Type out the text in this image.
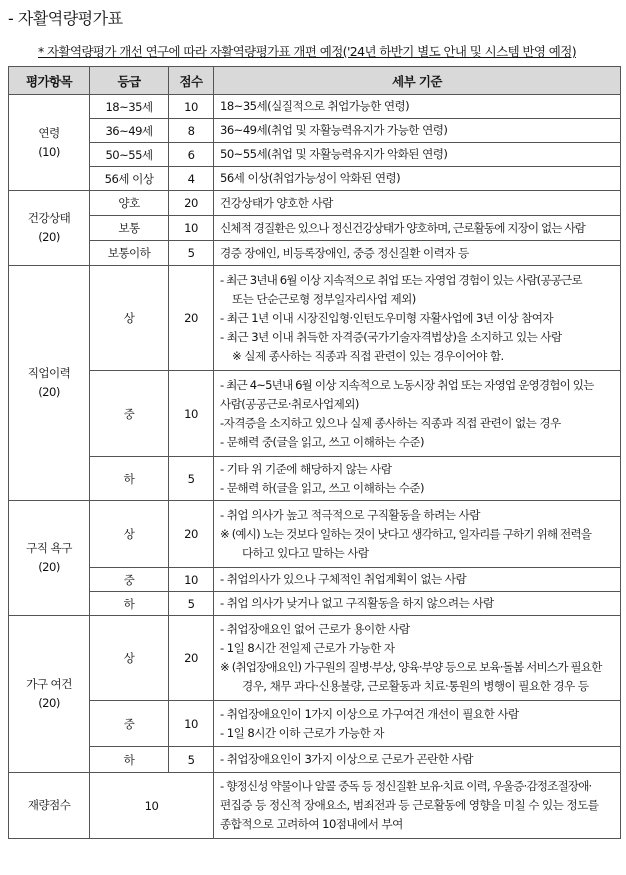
- 자활역량평가표
* 자활역량평가 개선 연구에 따라 자활역량평가표 개편 예정('24년 하반기 별도 안내 및 시스템 반영 예정)
평가항목	등급	점수	세부 기준

연령
(10)	18~35세	10	18~35세(실질적으로 취업가능한 연령)

	36~49세	8	36~49세(취업 및 자활능력유지가 가능한 연령)

	50~55세	6	50~55세(취업 및 자활능력유지가 악화된 연령)

	56세 이상	4	56세 이상(취업가능성이 악화된 연령)

건강상태
(20)	양호	20	건강상태가 양호한 사람

	보통	10	신체적 경질환은 있으나 정신건강상태가 양호하며, 근로활동에 지장이 없는 사람

	보통이하	5	경증 장애인, 비등록장애인, 중증 정신질환 이력자 등

직업이력
(20)	상	20	- 최근 3년내 6월 이상 지속적으로 취업 또는 자영업 경험이 있는 사람(공공근로
또는 단순근로형 정부일자리사업 제외)
- 최근 1년 이내 시장진입형·인턴도우미형 자활사업에 3년 이상 참여자
- 최근 3년 이내 취득한 자격증(국가기술자격법상)을 소지하고 있는 사람
※ 실제 종사하는 직종과 직접 관련이 있는 경우이어야 함.

	중	10	- 최근 4~5년내 6월 이상 지속적으로 노동시장 취업 또는 자영업 운영경험이 있는
사람(공공근로·취로사업제외)
-자격증을 소지하고 있으나 실제 종사하는 직종과 직접 관련이 없는 경우
- 문해력 중(글을 읽고, 쓰고 이해하는 수준)

	하	5	- 기타 위 기준에 해당하지 않는 사람
- 문해력 하(글을 읽고, 쓰고 이해하는 수준)

구직 욕구
(20)	상	20	- 취업 의사가 높고 적극적으로 구직활동을 하려는 사람
※ (예시) 노는 것보다 일하는 것이 낫다고 생각하고, 일자리를 구하기 위해 전력을
다하고 있다고 말하는 사람

	중	10	- 취업의사가 있으나 구체적인 취업계획이 없는 사람

	하	5	- 취업 의사가 낮거나 없고 구직활동을 하지 않으려는 사람

가구 여건
(20)	상	20	- 취업장애요인 없어 근로가 용이한 사람
- 1일 8시간 전일제 근로가 가능한 자
※ (취업장애요인) 가구원의 질병·부상, 양육·부양 등으로 보육·돌봄 서비스가 필요한
경우, 채무 과다·신용불량, 근로활동과 치료·통원의 병행이 필요한 경우 등

	중	10	- 취업장애요인이 1가지 이상으로 가구여건 개선이 필요한 사람
- 1일 8시간 이하 근로가 가능한 자

	하	5	- 취업장애요인이 3가지 이상으로 근로가 곤란한 사람

재량점수	10		- 향정신성 약물이나 알콜 중독 등 정신질환 보유·치료 이력, 우울증·감정조절장애·
편집증 등 정신적 장애요소, 범죄전과 등 근로활동에 영향을 미칠 수 있는 정도를
종합적으로 고려하여 10점내에서 부여
